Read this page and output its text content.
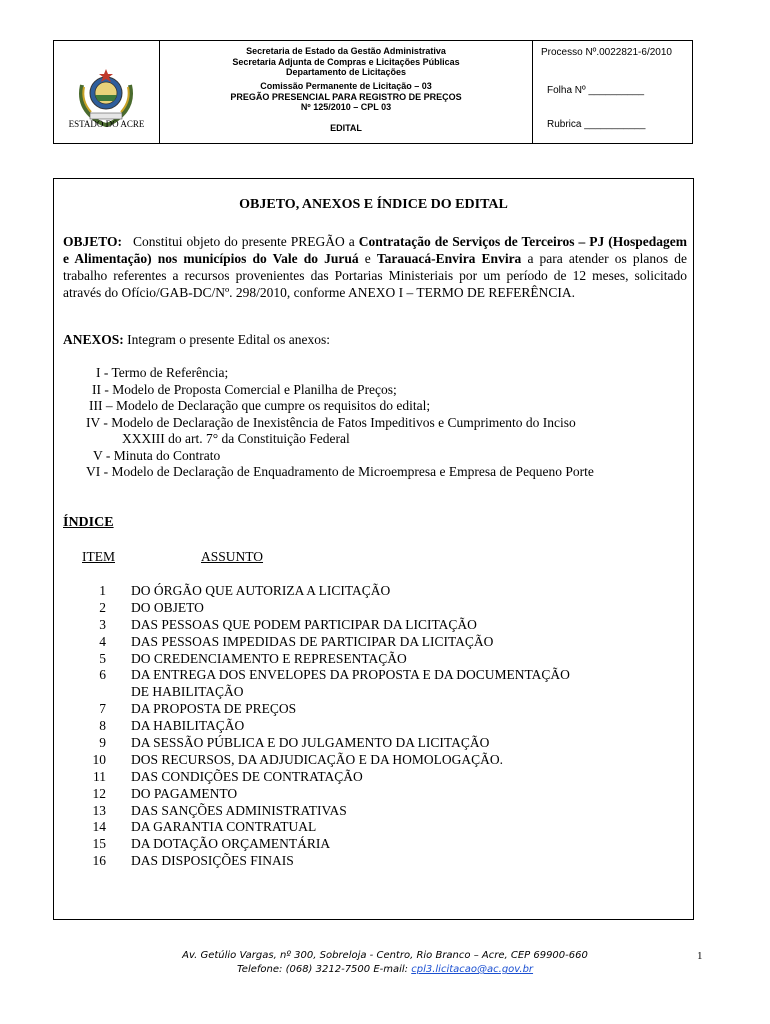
ESTADO DO ACRE
Secretaria de Estado da Gestão Administrativa
Secretaria Adjunta de Compras e Licitações Públicas
Departamento de Licitações
Comissão Permanente de Licitação – 03
PREGÃO PRESENCIAL PARA REGISTRO DE PREÇOS
Nº 125/2010 – CPL 03
EDITAL
Processo Nº.0022821-6/2010
Folha Nº __________
Rubrica ___________
OBJETO, ANEXOS E ÍNDICE DO EDITAL
OBJETO: Constitui objeto do presente PREGÃO a Contratação de Serviços de Terceiros – PJ (Hospedagem e Alimentação) nos municípios do Vale do Juruá e Tarauacá-Envira Envira a para atender os planos de trabalho referentes a recursos provenientes das Portarias Ministeriais por um período de 12 meses, solicitado através do Ofício/GAB-DC/Nº. 298/2010, conforme ANEXO I – TERMO DE REFERÊNCIA.
ANEXOS: Integram o presente Edital os anexos:
I - Termo de Referência;
II - Modelo de Proposta Comercial e Planilha de Preços;
III – Modelo de Declaração que cumpre os requisitos do edital;
IV - Modelo de Declaração de Inexistência de Fatos Impeditivos e Cumprimento do Inciso
XXXIII do art. 7° da Constituição Federal
V - Minuta do Contrato
VI - Modelo de Declaração de Enquadramento de Microempresa e Empresa de Pequeno Porte
ÍNDICE
ITEM	ASSUNTO
1 DO ÓRGÃO QUE AUTORIZA A LICITAÇÃO
2 DO OBJETO
3 DAS PESSOAS QUE PODEM PARTICIPAR DA LICITAÇÃO
4 DAS PESSOAS IMPEDIDAS DE PARTICIPAR DA LICITAÇÃO
5 DO CREDENCIAMENTO E REPRESENTAÇÃO
6 DA ENTREGA DOS ENVELOPES DA PROPOSTA E DA DOCUMENTAÇÃO
DE HABILITAÇÃO
7 DA PROPOSTA DE PREÇOS
8 DA HABILITAÇÃO
9 DA SESSÃO PÚBLICA E DO JULGAMENTO DA LICITAÇÃO
10 DOS RECURSOS, DA ADJUDICAÇÃO E DA HOMOLOGAÇÃO.
11 DAS CONDIÇÕES DE CONTRATAÇÃO
12 DO PAGAMENTO
13 DAS SANÇÕES ADMINISTRATIVAS
14 DA GARANTIA CONTRATUAL
15 DA DOTAÇÃO ORÇAMENTÁRIA
16 DAS DISPOSIÇÕES FINAIS
Av. Getúlio Vargas, nº 300, Sobreloja - Centro, Rio Branco – Acre, CEP 69900-660
Telefone: (068) 3212-7500 E-mail: cpl3.licitacao@ac.gov.br
1
